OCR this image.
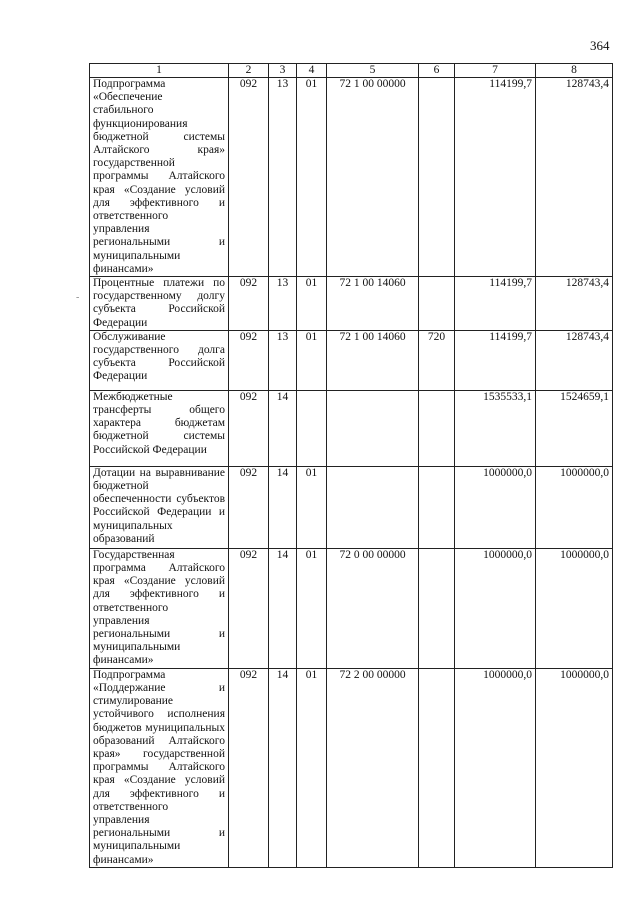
364
-
1	2	3	4	5	6	7	8
Подпрограмма «Обеспечение стабильного функционирования бюджетной системы Алтайского края» государственной программы Алтайского края «Создание условий для эффективного и ответственного управления региональными и муниципальными финансами»	092	13	01	72 1 00 00000		114199,7	128743,4
Процентные платежи по государственному долгу субъекта Российской Федерации	092	13	01	72 1 00 14060		114199,7	128743,4
Обслуживание государственного долга субъекта Российской Федерации	092	13	01	72 1 00 14060	720	114199,7	128743,4
Межбюджетные трансферты общего характера бюджетам бюджетной системы Российской Федерации	092	14				1535533,1	1524659,1
Дотации на выравнивание бюджетной обеспеченности субъектов Российской Федерации и муниципальных образований	092	14	01			1000000,0	1000000,0
Государственная программа Алтайского края «Создание условий для эффективного и ответственного управления региональными и муниципальными финансами»	092	14	01	72 0 00 00000		1000000,0	1000000,0
Подпрограмма «Поддержание и стимулирование устойчивого исполнения бюджетов муниципальных образований Алтайского края» государственной программы Алтайского края «Создание условий для эффективного и ответственного управления региональными и муниципальными финансами»	092	14	01	72 2 00 00000		1000000,0	1000000,0
